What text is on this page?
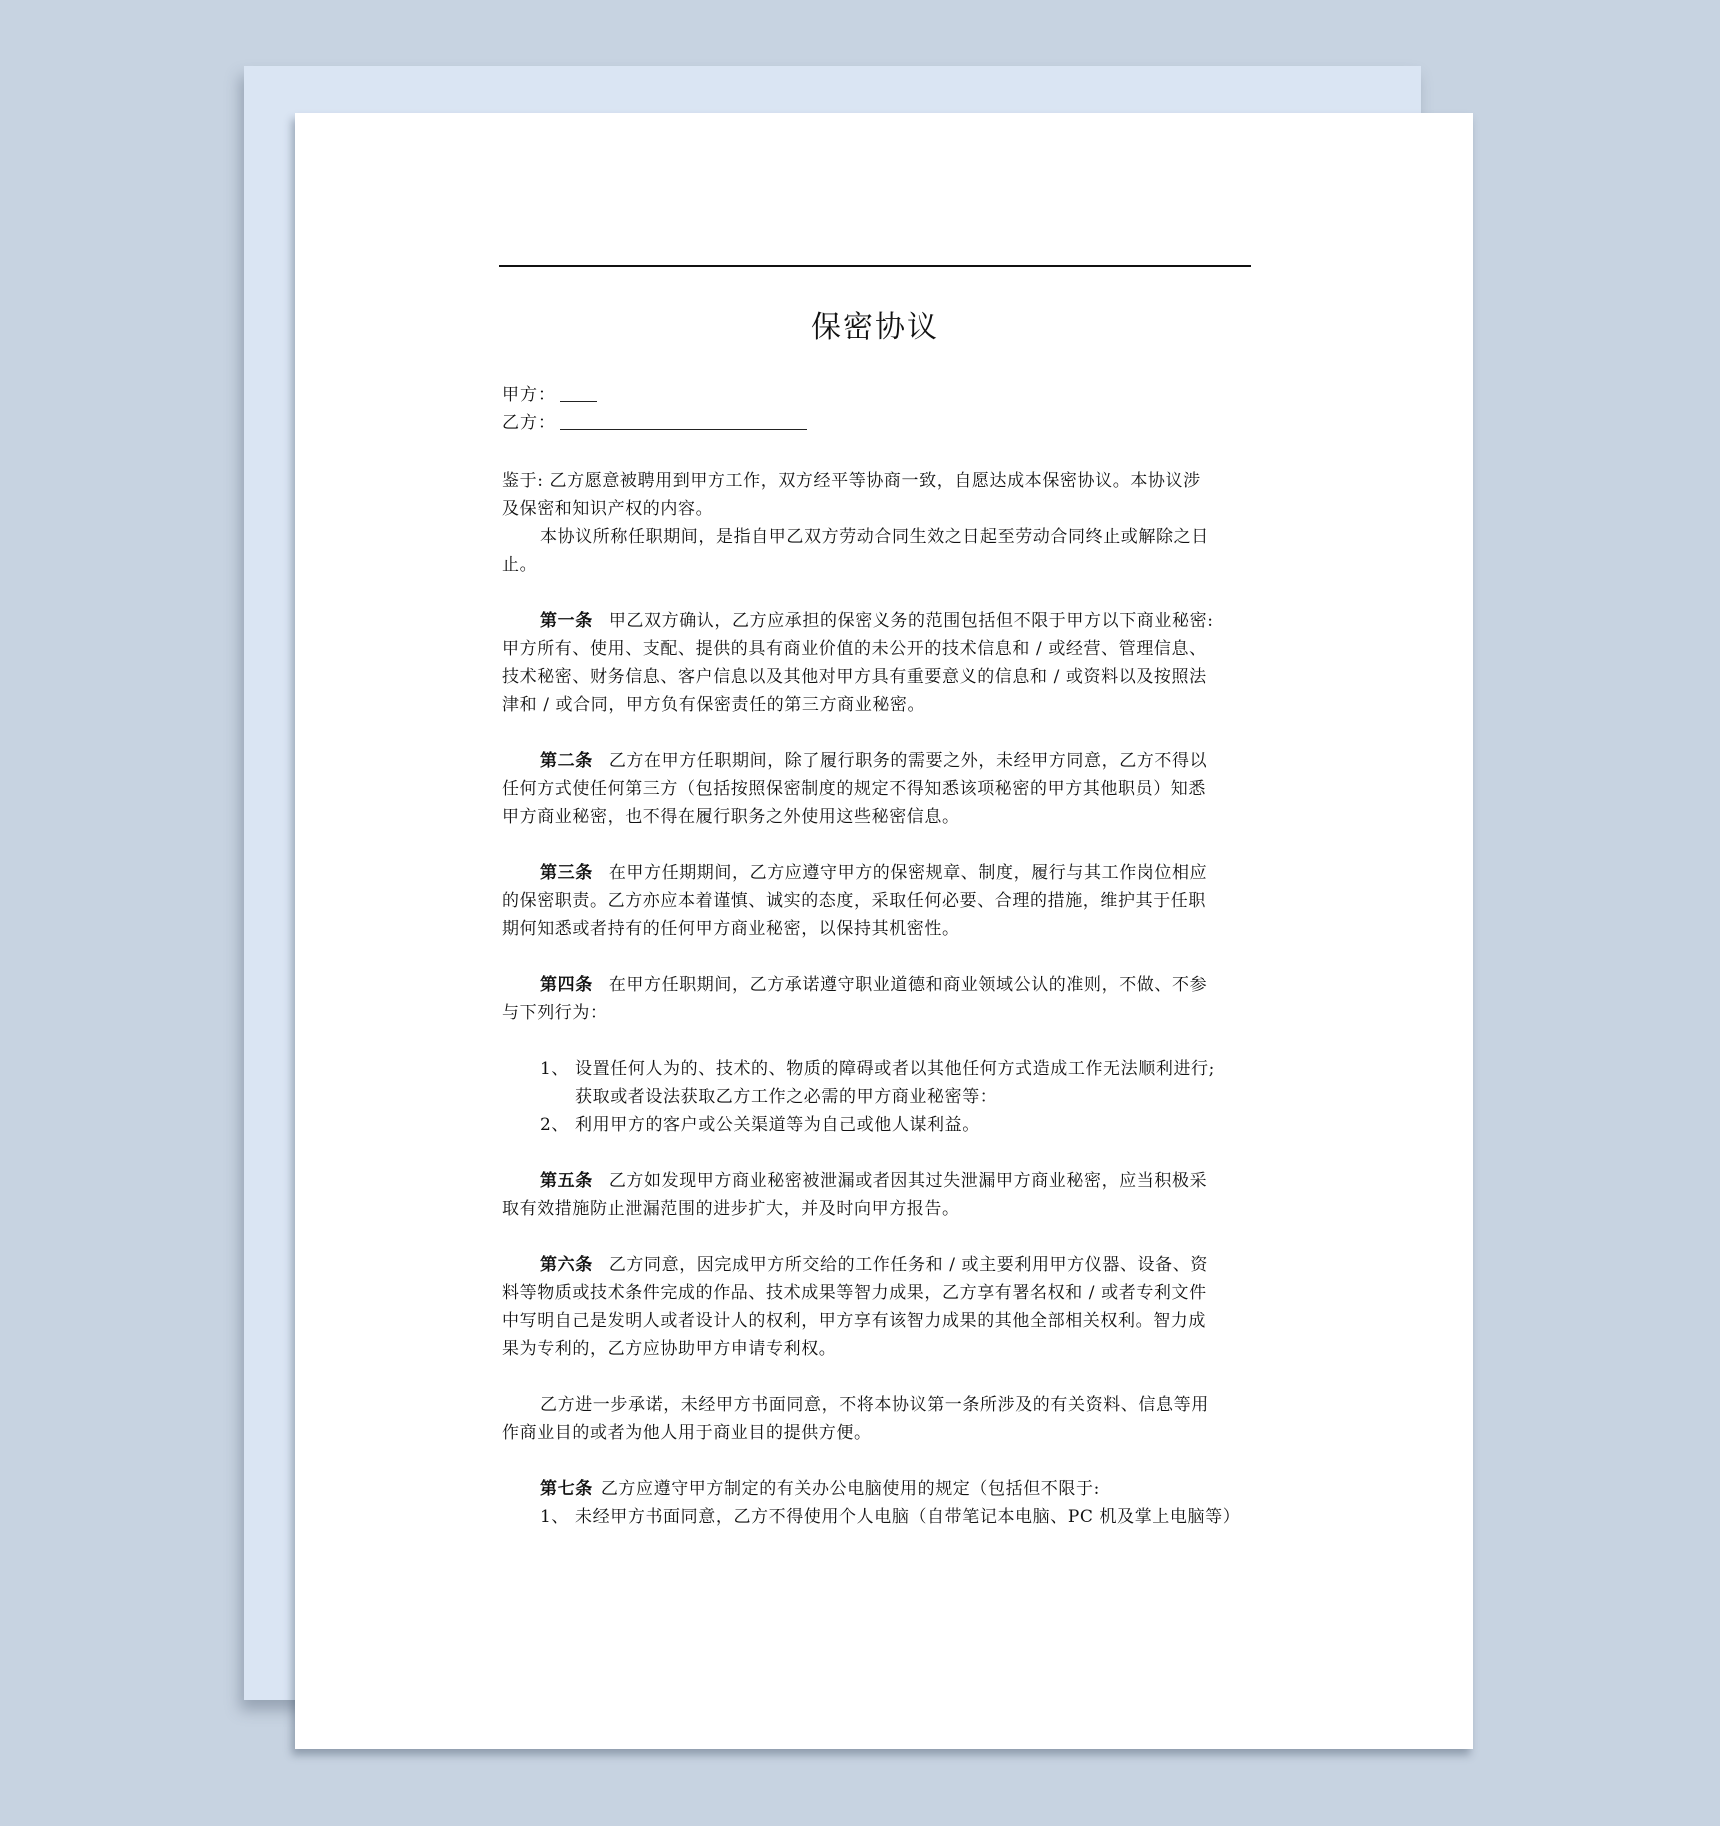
保密协议
甲方：
乙方：
鉴于: 乙方愿意被聘用到甲方工作，双方经平等协商一致，自愿达成本保密协议。本协议涉
及保密和知识产权的内容。
本协议所称任职期间，是指自甲乙双方劳动合同生效之日起至劳动合同终止或解除之日
止。
第一条 甲乙双方确认，乙方应承担的保密义务的范围包括但不限于甲方以下商业秘密:
甲方所有、使用、支配、提供的具有商业价值的未公开的技术信息和 / 或经营、管理信息、
技术秘密、财务信息、客户信息以及其他对甲方具有重要意义的信息和 / 或资料以及按照法
津和 / 或合同，甲方负有保密责任的第三方商业秘密。
第二条 乙方在甲方任职期间，除了履行职务的需要之外，未经甲方同意，乙方不得以
任何方式使任何第三方（包括按照保密制度的规定不得知悉该项秘密的甲方其他职员）知悉
甲方商业秘密，也不得在履行职务之外使用这些秘密信息。
第三条 在甲方任期期间，乙方应遵守甲方的保密规章、制度，履行与其工作岗位相应
的保密职责。乙方亦应本着谨慎、诚实的态度，采取任何必要、合理的措施，维护其于任职
期何知悉或者持有的任何甲方商业秘密，以保持其机密性。
第四条 在甲方任职期间，乙方承诺遵守职业道德和商业领域公认的准则，不做、不参
与下列行为：
1、 设置任何人为的、技术的、物质的障碍或者以其他任何方式造成工作无法顺利进行;
获取或者设法获取乙方工作之必需的甲方商业秘密等：
2、 利用甲方的客户或公关渠道等为自己或他人谋利益。
第五条 乙方如发现甲方商业秘密被泄漏或者因其过失泄漏甲方商业秘密，应当积极采
取有效措施防止泄漏范围的进步扩大，并及时向甲方报告。
第六条 乙方同意，因完成甲方所交给的工作任务和 / 或主要利用甲方仪器、设备、资
料等物质或技术条件完成的作品、技术成果等智力成果，乙方享有署名权和 / 或者专利文件
中写明自己是发明人或者设计人的权利，甲方享有该智力成果的其他全部相关权利。智力成
果为专利的，乙方应协助甲方申请专利权。
乙方进一步承诺，未经甲方书面同意，不将本协议第一条所涉及的有关资料、信息等用
作商业目的或者为他人用于商业目的提供方便。
第七条 乙方应遵守甲方制定的有关办公电脑使用的规定（包括但不限于:
1、 未经甲方书面同意，乙方不得使用个人电脑（自带笔记本电脑、PC 机及掌上电脑等）
